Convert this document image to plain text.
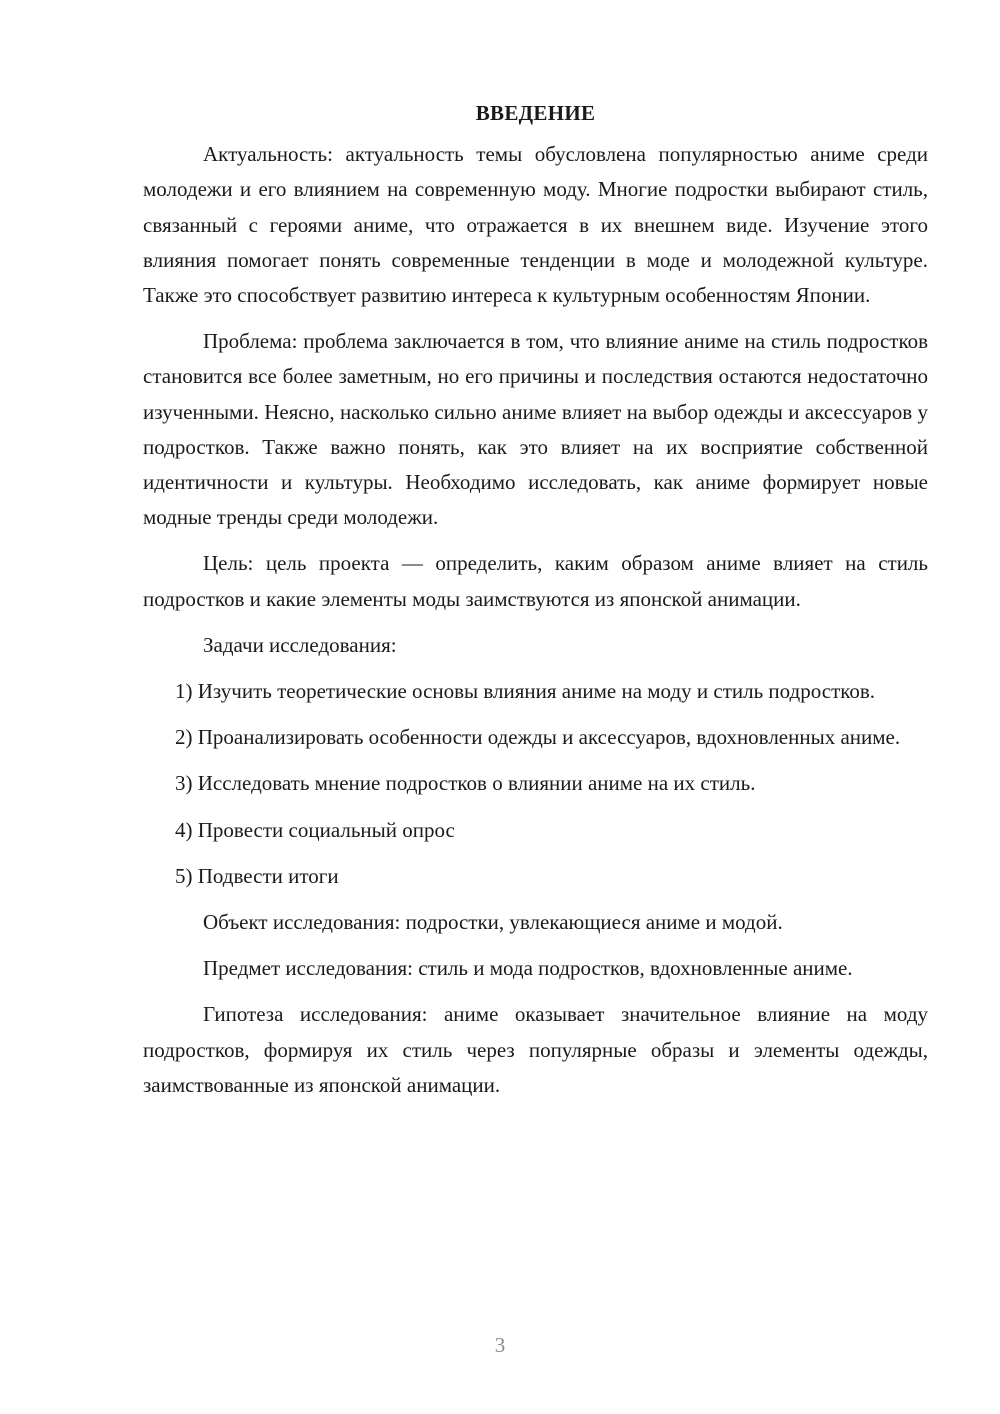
ВВЕДЕНИЕ

Актуальность: актуальность темы обусловлена популярностью аниме среди молодежи и его влиянием на современную моду. Многие подростки выбирают стиль, связанный с героями аниме, что отражается в их внешнем виде. Изучение этого влияния помогает понять современные тенденции в моде и молодежной культуре. Также это способствует развитию интереса к культурным особенностям Японии.

Проблема: проблема заключается в том, что влияние аниме на стиль подростков становится все более заметным, но его причины и последствия остаются недостаточно изученными. Неясно, насколько сильно аниме влияет на выбор одежды и аксессуаров у подростков. Также важно понять, как это влияет на их восприятие собственной идентичности и культуры. Необходимо исследовать, как аниме формирует новые модные тренды среди молодежи.

Цель: цель проекта — определить, каким образом аниме влияет на стиль подростков и какие элементы моды заимствуются из японской анимации.

Задачи исследования:

1) Изучить теоретические основы влияния аниме на моду и стиль подростков.

2) Проанализировать особенности одежды и аксессуаров, вдохновленных аниме.

3) Исследовать мнение подростков о влиянии аниме на их стиль.

4) Провести социальный опрос

5) Подвести итоги

Объект исследования: подростки, увлекающиеся аниме и модой.

Предмет исследования: стиль и мода подростков, вдохновленные аниме.

Гипотеза исследования: аниме оказывает значительное влияние на моду подростков, формируя их стиль через популярные образы и элементы одежды, заимствованные из японской анимации.

3
